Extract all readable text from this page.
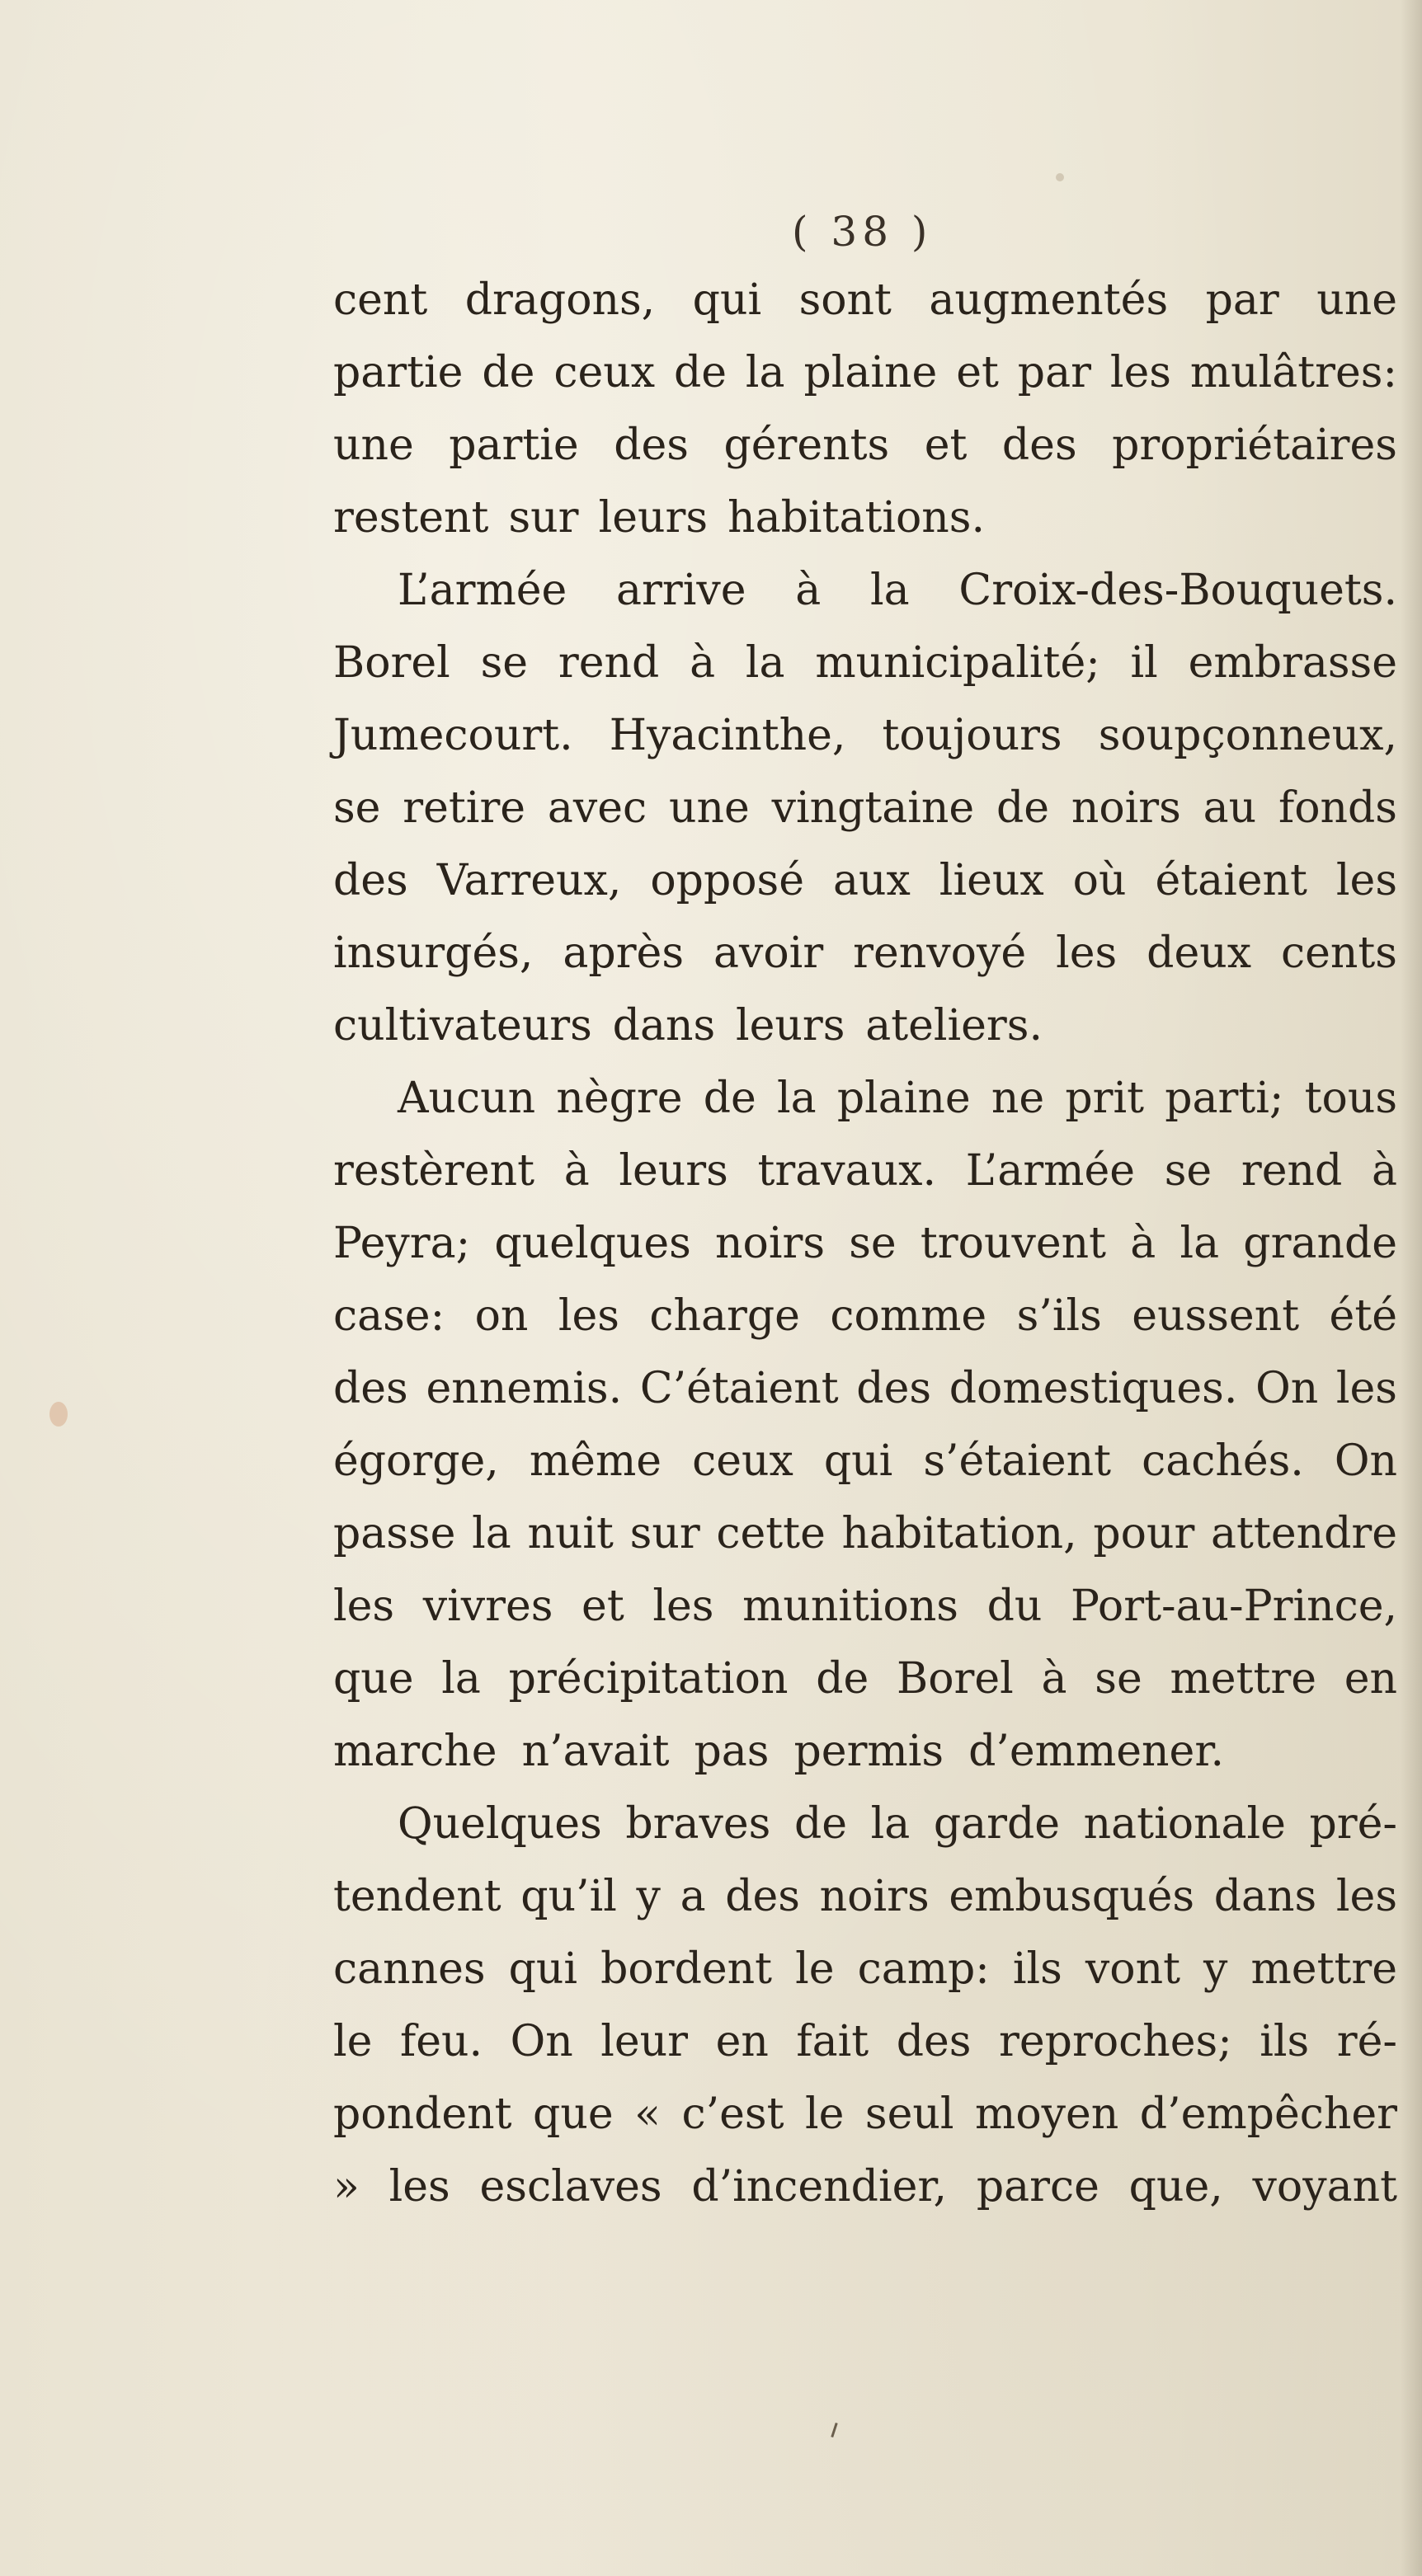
( 38 )
cent dragons, qui sont augmentés par une
partie de ceux de la plaine et par les mulâtres:
une partie des gérents et des propriétaires
restent sur leurs habitations.
L’armée arrive à la Croix-des-Bouquets.
Borel se rend à la municipalité; il embrasse
Jumecourt. Hyacinthe, toujours soupçonneux,
se retire avec une vingtaine de noirs au fonds
des Varreux, opposé aux lieux où étaient les
insurgés, après avoir renvoyé les deux cents
cultivateurs dans leurs ateliers.
Aucun nègre de la plaine ne prit parti; tous
restèrent à leurs travaux. L’armée se rend à
Peyra; quelques noirs se trouvent à la grande
case: on les charge comme s’ils eussent été
des ennemis. C’étaient des domestiques. On les
égorge, même ceux qui s’étaient cachés. On
passe la nuit sur cette habitation, pour attendre
les vivres et les munitions du Port-au-Prince,
que la précipitation de Borel à se mettre en
marche n’avait pas permis d’emmener.
Quelques braves de la garde nationale pré-
tendent qu’il y a des noirs embusqués dans les
cannes qui bordent le camp: ils vont y mettre
le feu. On leur en fait des reproches; ils ré-
pondent que « c’est le seul moyen d’empêcher
» les esclaves d’incendier, parce que, voyant
